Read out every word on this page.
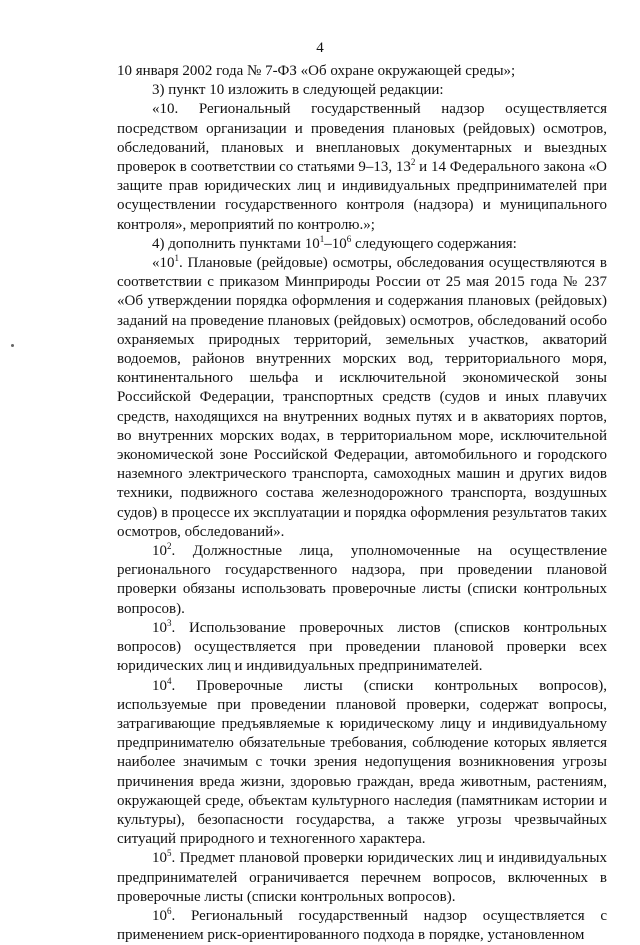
4

10 января 2002 года № 7-ФЗ «Об охране окружающей среды»;

3) пункт 10 изложить в следующей редакции:

«10. Региональный государственный надзор осуществляется посредством организации и проведения плановых (рейдовых) осмотров, обследований, плановых и внеплановых документарных и выездных проверок в соответствии со статьями 9–13, $13^2$ и 14 Федерального закона «О защите прав юридических лиц и индивидуальных предпринимателей при осуществлении государственного контроля (надзора) и муниципального контроля», мероприятий по контролю.»;

4) дополнить пунктами $10^1-10^6$ следующего содержания:

«$10^1$. Плановые (рейдовые) осмотры, обследования осуществляются в соответствии с приказом Минприроды России от 25 мая 2015 года № 237 «Об утверждении порядка оформления и содержания плановых (рейдовых) заданий на проведение плановых (рейдовых) осмотров, обследований особо охраняемых природных территорий, земельных участков, акваторий водоемов, районов внутренних морских вод, территориального моря, континентального шельфа и исключительной экономической зоны Российской Федерации, транспортных средств (судов и иных плавучих средств, находящихся на внутренних водных путях и в акваториях портов, во внутренних морских водах, в территориальном море, исключительной экономической зоне Российской Федерации, автомобильного и городского наземного электрического транспорта, самоходных машин и других видов техники, подвижного состава железнодорожного транспорта, воздушных судов) в процессе их эксплуатации и порядка оформления результатов таких осмотров, обследований».

$10^2$. Должностные лица, уполномоченные на осуществление регионального государственного надзора, при проведении плановой проверки обязаны использовать проверочные листы (списки контрольных вопросов).

$10^3$. Использование проверочных листов (списков контрольных вопросов) осуществляется при проведении плановой проверки всех юридических лиц и индивидуальных предпринимателей.

$10^4$. Проверочные листы (списки контрольных вопросов), используемые при проведении плановой проверки, содержат вопросы, затрагивающие предъявляемые к юридическому лицу и индивидуальному предпринимателю обязательные требования, соблюдение которых является наиболее значимым с точки зрения недопущения возникновения угрозы причинения вреда жизни, здоровью граждан, вреда животным, растениям, окружающей среде, объектам культурного наследия (памятникам истории и культуры), безопасности государства, а также угрозы чрезвычайных ситуаций природного и техногенного характера.

$10^5$. Предмет плановой проверки юридических лиц и индивидуальных предпринимателей ограничивается перечнем вопросов, включенных в проверочные листы (списки контрольных вопросов).

$10^6$. Региональный государственный надзор осуществляется с применением риск-ориентированного подхода в порядке, установленном
